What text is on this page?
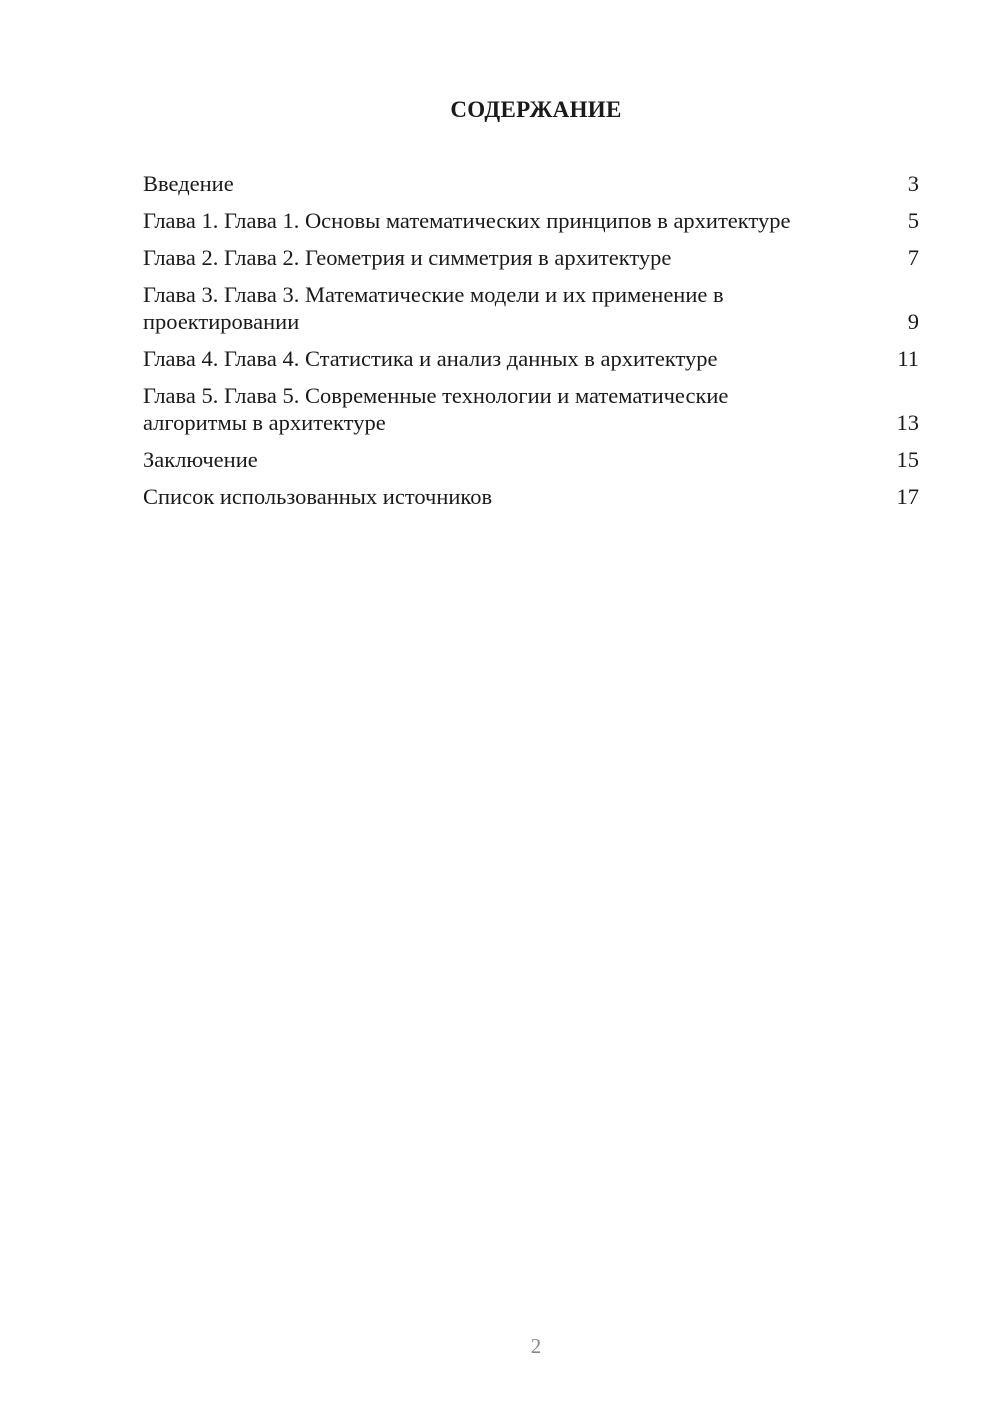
СОДЕРЖАНИЕ
Введение	3
Глава 1. Глава 1. Основы математических принципов в архитектуре	5
Глава 2. Глава 2. Геометрия и симметрия в архитектуре	7
Глава 3. Глава 3. Математические модели и их применение в проектировании	9
Глава 4. Глава 4. Статистика и анализ данных в архитектуре	11
Глава 5. Глава 5. Современные технологии и математические алгоритмы в архитектуре	13
Заключение	15
Список использованных источников	17
2
